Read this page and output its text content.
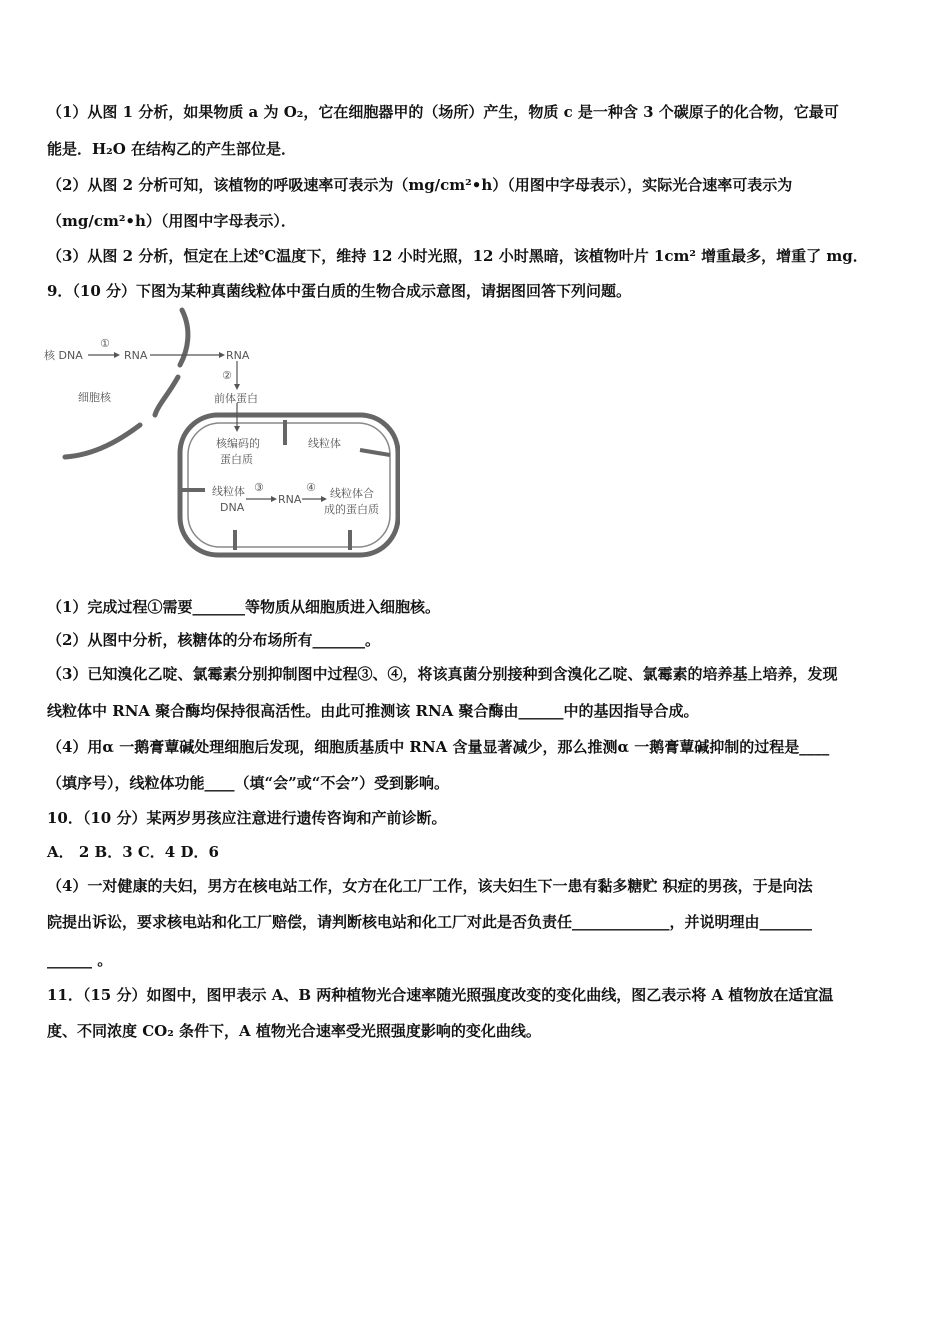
（1）从图 1 分析，如果物质 a 为 O₂，它在细胞器甲的（场所）产生，物质 c 是一种含 3 个碳原子的化合物，它最可
能是．H₂O 在结构乙的产生部位是．
（2）从图 2 分析可知，该植物的呼吸速率可表示为（mg/cm²•h）（用图中字母表示），实际光合速率可表示为
（mg/cm²•h）（用图中字母表示）．
（3）从图 2 分析，恒定在上述℃温度下，维持 12 小时光照，12 小时黑暗，该植物叶片 1cm² 增重最多，增重了 mg．
9．（10 分）下图为某种真菌线粒体中蛋白质的生物合成示意图，请据图回答下列问题。
核 DNA
①
RNA	RNA
②
细胞核	前体蛋白
核编码的
蛋白质
线粒体
线粒体
DNA
③
RNA
④ 线粒体合
成的蛋白质
（1）完成过程①需要_______等物质从细胞质进入细胞核。
（2）从图中分析，核糖体的分布场所有_______。
（3）已知溴化乙啶、氯霉素分别抑制图中过程③、④，将该真菌分别接种到含溴化乙啶、氯霉素的培养基上培养，发现
线粒体中 RNA 聚合酶均保持很高活性。由此可推测该 RNA 聚合酶由______中的基因指导合成。
（4）用α 一鹅膏蕈碱处理细胞后发现，细胞质基质中 RNA 含量显著减少，那么推测α 一鹅膏蕈碱抑制的过程是____
（填序号），线粒体功能____（填“会”或“不会”）受到影响。
10．（10 分）某两岁男孩应注意进行遗传咨询和产前诊断。
A． 2 B．3 C．4 D．6
（4）一对健康的夫妇，男方在核电站工作，女方在化工厂工作，该夫妇生下一患有黏多糖贮 积症的男孩，于是向法
院提出诉讼，要求核电站和化工厂赔偿，请判断核电站和化工厂对此是否负责任_____________，并说明理由_______
______ 。
11．（15 分）如图中，图甲表示 A、B 两种植物光合速率随光照强度改变的变化曲线，图乙表示将 A 植物放在适宜温
度、不同浓度 CO₂ 条件下，A 植物光合速率受光照强度影响的变化曲线。
